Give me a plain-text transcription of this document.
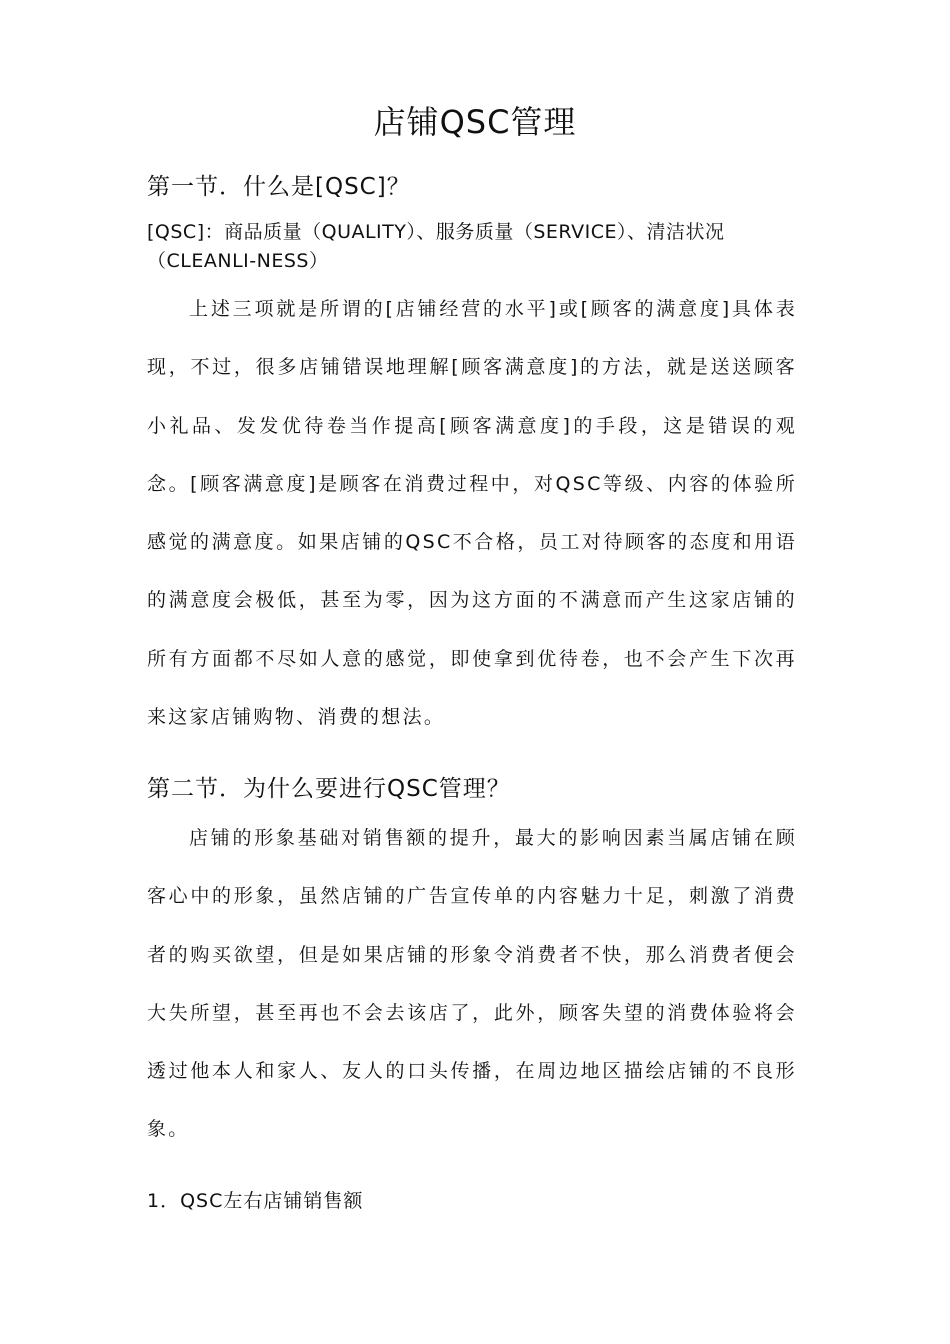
店铺QSC管理
第一节．什么是[QSC]？
[QSC]：商品质量（QUALITY）、服务质量（SERVICE）、清洁状况（CLEANLI-NESS）

上述三项就是所谓的[店铺经营的水平]或[顾客的满意度]具体表现，不过，很多店铺错误地理解[顾客满意度]的方法，就是送送顾客小礼品、发发优待卷当作提高[顾客满意度]的手段，这是错误的观念。[顾客满意度]是顾客在消费过程中，对QSC等级、内容的体验所感觉的满意度。如果店铺的QSC不合格，员工对待顾客的态度和用语的满意度会极低，甚至为零，因为这方面的不满意而产生这家店铺的所有方面都不尽如人意的感觉，即使拿到优待卷，也不会产生下次再来这家店铺购物、消费的想法。

第二节．为什么要进行QSC管理？

店铺的形象基础对销售额的提升，最大的影响因素当属店铺在顾客心中的形象，虽然店铺的广告宣传单的内容魅力十足，刺激了消费者的购买欲望，但是如果店铺的形象令消费者不快，那么消费者便会大失所望，甚至再也不会去该店了，此外，顾客失望的消费体验将会透过他本人和家人、友人的口头传播，在周边地区描绘店铺的不良形象。

1．QSC左右店铺销售额
